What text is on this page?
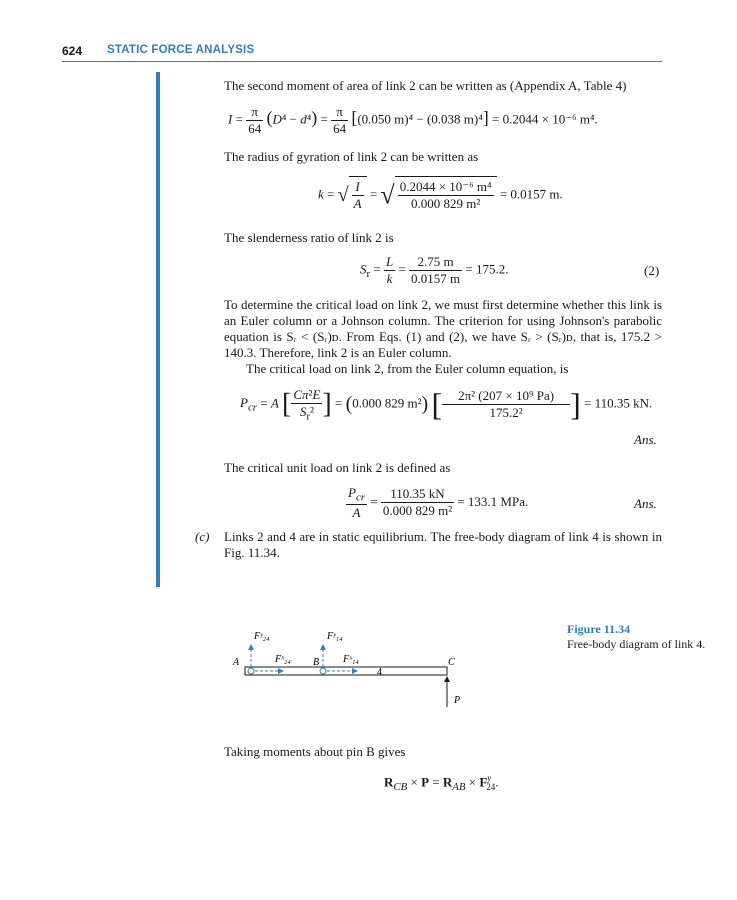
624 STATIC FORCE ANALYSIS
The second moment of area of link 2 can be written as (Appendix A, Table 4)
$I = \frac{\pi}{64} (D^4 - d^4) = \frac{\pi}{64} [(0.050$ m)⁴ − (0.038 m)⁴] = 0.2044 × 10⁻⁶ m⁴.
The radius of gyration of link 2 can be written as
k = √ $\frac{I}{A}$ = √ $\frac{\text{0.2044 × 10⁻⁶ m⁴}}{\text{0.000 829 m²}} = 0.0157$ m.
The slenderness ratio of link 2 is
$S_r = \frac{L}{k} = \frac{2.75 m}{0.0157 m} = 175.2$.	(2)
To determine the critical load on link 2, we must first determine whether this link is an Euler column or a Johnson column. The criterion for using Johnson's parabolic equation is Sᵣ < (Sᵣ)ᴅ. From Eqs. (1) and (2), we have Sᵣ > (Sᵣ)ᴅ, that is, 175.2 > 140.3. Therefore, link 2 is an Euler column.
The critical load on link 2, from the Euler column equation, is
$P_{cr} = A$ [ $\frac{\text{Cπ²E}}{S_r^2}$ ] = (0.000 829 m²) [ $\frac{\text{2π² (207 × 10⁹ Pa)}}{\text{175.2²}}$ ] = 110.35 kN.
Ans.
The critical unit load on link 2 is defined as
$\frac{P_{cr}}{A} = \frac{110.35 kN}{\text{0.000 829 m²}} = 133.1$ MPa.	Ans.
(c) Links 2 and 4 are in static equilibrium. The free-body diagram of link 4 is shown in Fig. 11.34.
Figure 11.34
Free-body diagram of link 4.
A	B	C
P
4
Fʸ₂₄	Fʸ₁₄
Fˣ₂₄	Fˣ₁₄
Taking moments about pin B gives
$R_{CB} \times P = R_{AB} \times F^y_{24}$.
